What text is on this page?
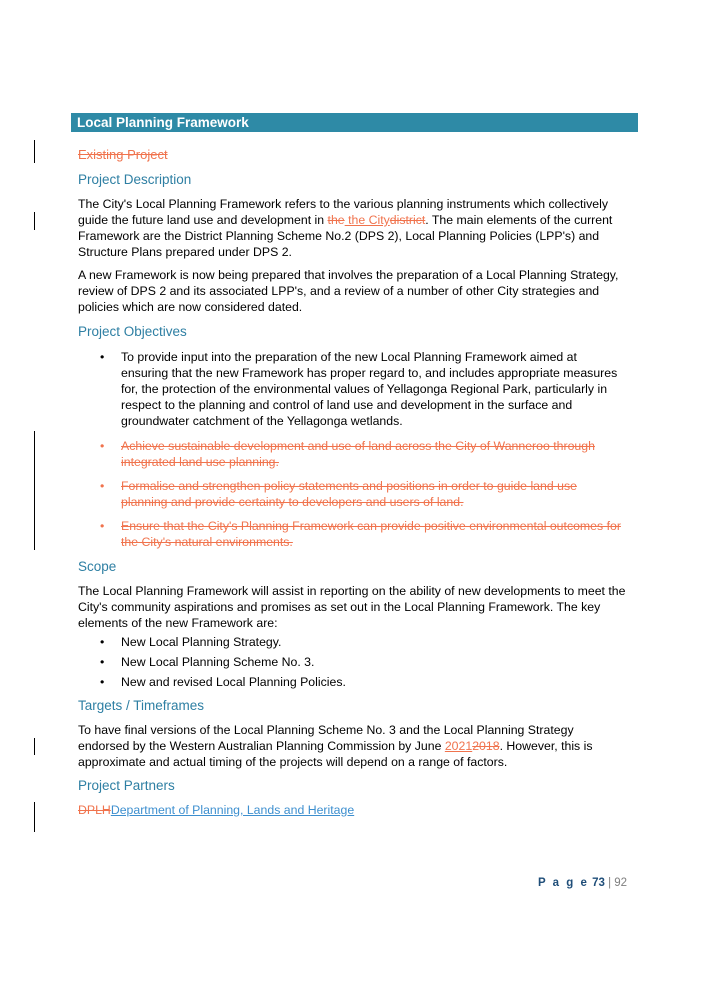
Local Planning Framework
Existing Project
Project Description
The City's Local Planning Framework refers to the various planning instruments which collectively guide the future land use and development in the the Citydistrict. The main elements of the current Framework are the District Planning Scheme No.2 (DPS 2), Local Planning Policies (LPP's) and Structure Plans prepared under DPS 2.
A new Framework is now being prepared that involves the preparation of a Local Planning Strategy, review of DPS 2 and its associated LPP's, and a review of a number of other City strategies and policies which are now considered dated.
Project Objectives
• To provide input into the preparation of the new Local Planning Framework aimed at ensuring that the new Framework has proper regard to, and includes appropriate measures for, the protection of the environmental values of Yellagonga Regional Park, particularly in respect to the planning and control of land use and development in the surface and groundwater catchment of the Yellagonga wetlands.
• Achieve sustainable development and use of land across the City of Wanneroo through integrated land use planning.
• Formalise and strengthen policy statements and positions in order to guide land use planning and provide certainty to developers and users of land.
• Ensure that the City's Planning Framework can provide positive environmental outcomes for the City's natural environments.
Scope
The Local Planning Framework will assist in reporting on the ability of new developments to meet the City's community aspirations and promises as set out in the Local Planning Framework. The key elements of the new Framework are:
• New Local Planning Strategy.
• New Local Planning Scheme No. 3.
• New and revised Local Planning Policies.
Targets / Timeframes
To have final versions of the Local Planning Scheme No. 3 and the Local Planning Strategy endorsed by the Western Australian Planning Commission by June 20212018. However, this is approximate and actual timing of the projects will depend on a range of factors.
Project Partners
DPLHDepartment of Planning, Lands and Heritage
P a g e 73 | 92
